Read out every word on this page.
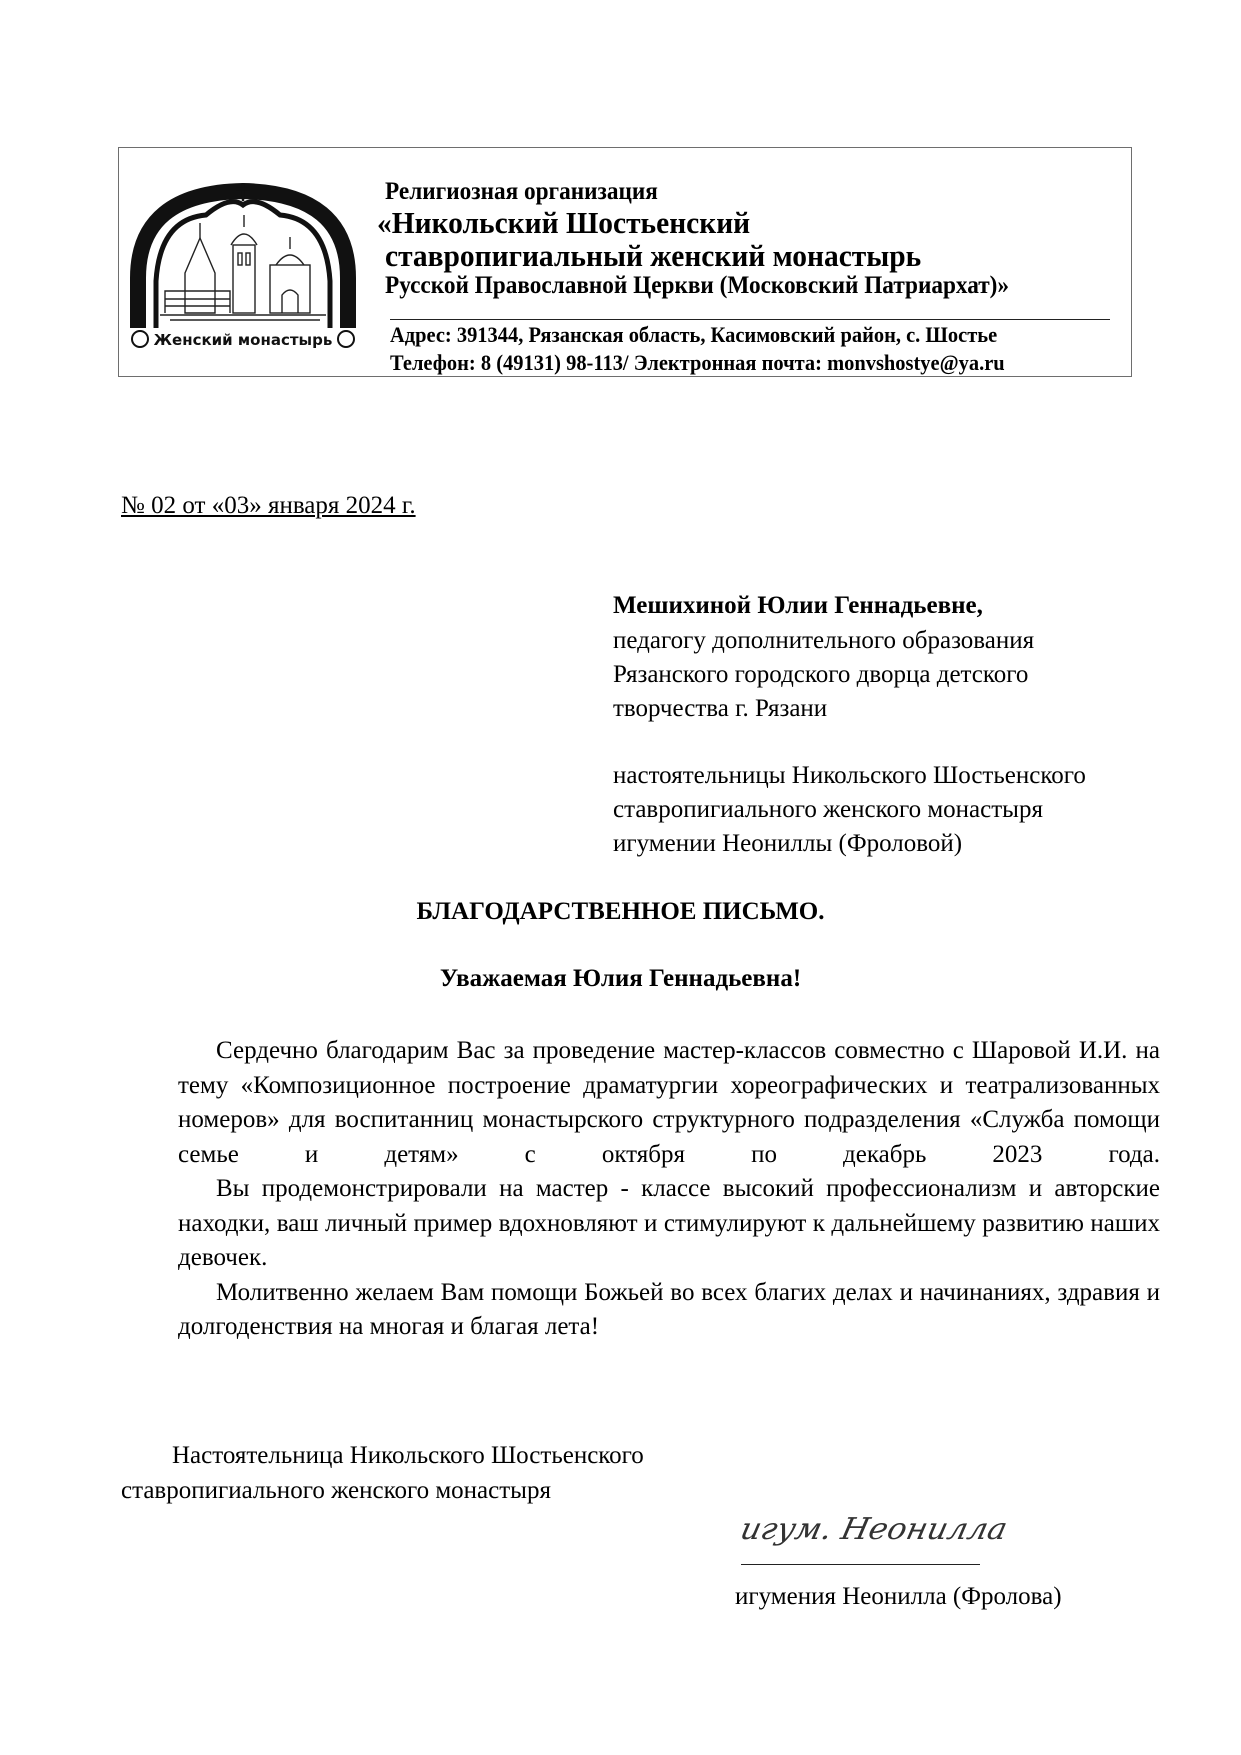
Женский монастырь
Религиозная организация
«Никольский Шостьенский
ставропигиальный женский монастырь
Русской Православной Церкви (Московский Патриархат)»
Адрес: 391344, Рязанская область, Касимовский район, с. Шостье
Телефон: 8 (49131) 98-113/ Электронная почта: monvshostye@ya.ru
№ 02 от «03» января 2024 г.
Мешихиной Юлии Геннадьевне,
педагогу дополнительного образования
Рязанского городского дворца детского
творчества г. Рязани
настоятельницы Никольского Шостьенского
ставропигиального женского монастыря
игумении Неониллы (Фроловой)
БЛАГОДАРСТВЕННОЕ ПИСЬМО.
Уважаемая Юлия Геннадьевна!

Сердечно благодарим Вас за проведение мастер-классов совместно с Шаровой И.И. на тему «Композиционное построение драматургии хореографических и театрализованных номеров» для воспитанниц монастырского структурного подразделения «Служба помощи семье и детям» с октября по декабрь 2023 года.

Вы продемонстрировали на мастер - классе высокий профессионализм и авторские находки, ваш личный пример вдохновляют и стимулируют к дальнейшему развитию наших девочек.

Молитвенно желаем Вам помощи Божьей во всех благих делах и начинаниях, здравия и долгоденствия на многая и благая лета!

Настоятельница Никольского Шостьенского
ставропигиального женского монастыря
игум. Неонилла
игумения Неонилла (Фролова)
